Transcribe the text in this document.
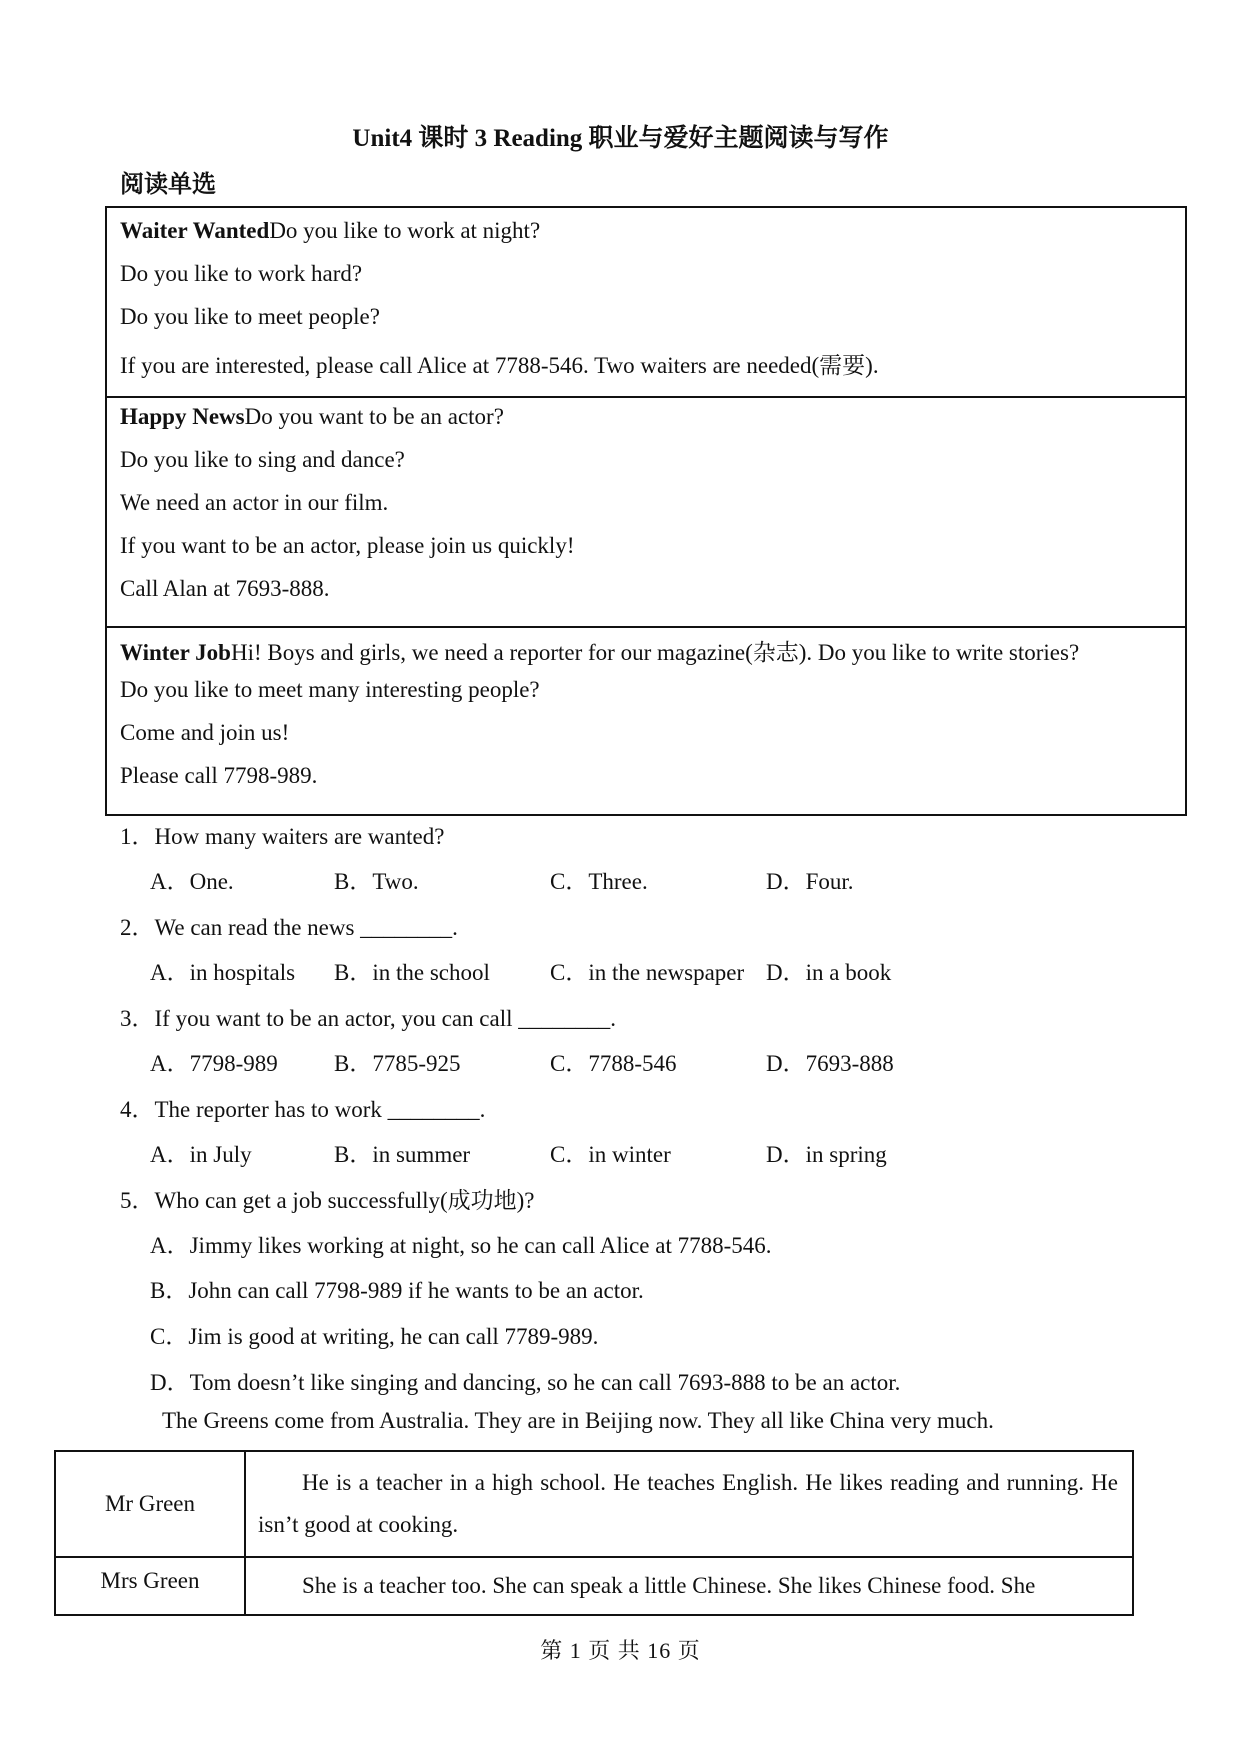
Unit4 课时 3 Reading 职业与爱好主题阅读与写作
阅读单选
Waiter WantedDo you like to work at night?
Do you like to work hard?
Do you like to meet people?
If you are interested, please call Alice at 7788-546. Two waiters are needed(需要).
Happy NewsDo you want to be an actor?
Do you like to sing and dance?
We need an actor in our film.
If you want to be an actor, please join us quickly!
Call Alan at 7693-888.
Winter JobHi! Boys and girls, we need a reporter for our magazine(杂志). Do you like to write stories?
Do you like to meet many interesting people?
Come and join us!
Please call 7798-989.
1．How many waiters are wanted?
A．One.	B．Two.	C．Three.	D．Four.
2．We can read the news ________.
A．in hospitals B．in the school	C．in the newspaper D．in a book
3．If you want to be an actor, you can call ________.
A．7798-989 B．7785-925	C．7788-546	D．7693-888
4．The reporter has to work ________.
A．in July	B．in summer	C．in winter	D．in spring
5．Who can get a job successfully(成功地)?
A．Jimmy likes working at night, so he can call Alice at 7788-546.
B．John can call 7798-989 if he wants to be an actor.
C．Jim is good at writing, he can call 7789-989.
D．Tom doesn’t like singing and dancing, so he can call 7693-888 to be an actor.
The Greens come from Australia. They are in Beijing now. They all like China very much.
Mr Green	He is a teacher in a high school. He teaches English. He likes reading and running. He isn’t good at cooking.
Mrs Green	She is a teacher too. She can speak a little Chinese. She likes Chinese food. She
第 1 页 共 16 页
